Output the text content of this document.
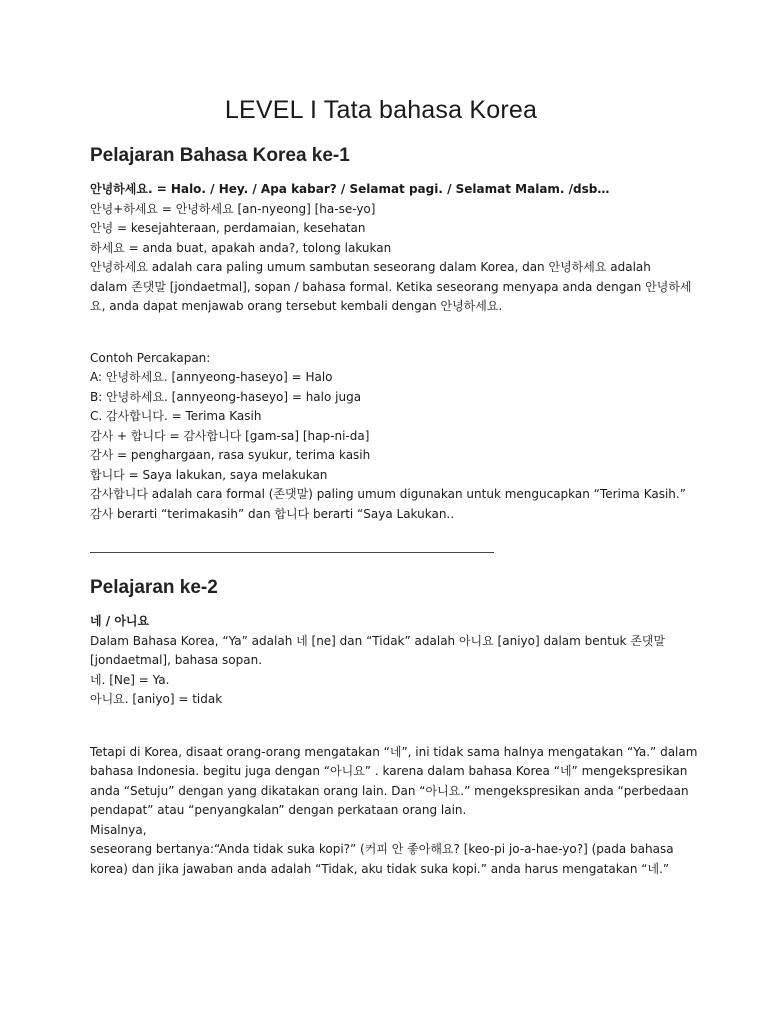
LEVEL I Tata bahasa Korea
Pelajaran Bahasa Korea ke-1

안녕하세요. = Halo. / Hey. / Apa kabar? / Selamat pagi. / Selamat Malam. /dsb…

안녕+하세요 = 안녕하세요 [an-nyeong] [ha-se-yo]

안녕 = kesejahteraan, perdamaian, kesehatan

하세요 = anda buat, apakah anda?, tolong lakukan

안녕하세요 adalah cara paling umum sambutan seseorang dalam Korea, dan 안녕하세요 adalah

dalam 존댓말 [jondaetmal], sopan / bahasa formal. Ketika seseorang menyapa anda dengan 안녕하세

요, anda dapat menjawab orang tersebut kembali dengan 안녕하세요.

Contoh Percakapan:

A: 안녕하세요. [annyeong-haseyo] = Halo

B: 안녕하세요. [annyeong-haseyo] = halo juga

C. 감사합니다. = Terima Kasih

감사 + 합니다 = 감사합니다 [gam-sa] [hap-ni-da]

감사 = penghargaan, rasa syukur, terima kasih

합니다 = Saya lakukan, saya melakukan

감사합니다 adalah cara formal (존댓말) paling umum digunakan untuk mengucapkan “Terima Kasih.”

감사 berarti “terimakasih” dan 합니다 berarti “Saya Lakukan..

Pelajaran ke-2

네 / 아니요

Dalam Bahasa Korea, “Ya” adalah 네 [ne] dan “Tidak” adalah 아니요 [aniyo] dalam bentuk 존댓말

[jondaetmal], bahasa sopan.

네. [Ne] = Ya.

아니요. [aniyo] = tidak

Tetapi di Korea, disaat orang-orang mengatakan “네”, ini tidak sama halnya mengatakan “Ya.” dalam

bahasa Indonesia. begitu juga dengan “아니요” . karena dalam bahasa Korea “네” mengekspresikan

anda “Setuju” dengan yang dikatakan orang lain. Dan “아니요.” mengekspresikan anda “perbedaan

pendapat” atau “penyangkalan” dengan perkataan orang lain.

Misalnya,

seseorang bertanya:“Anda tidak suka kopi?” (커피 안 좋아해요? [keo-pi jo-a-hae-yo?] (pada bahasa

korea) dan jika jawaban anda adalah “Tidak, aku tidak suka kopi.” anda harus mengatakan “네.”
